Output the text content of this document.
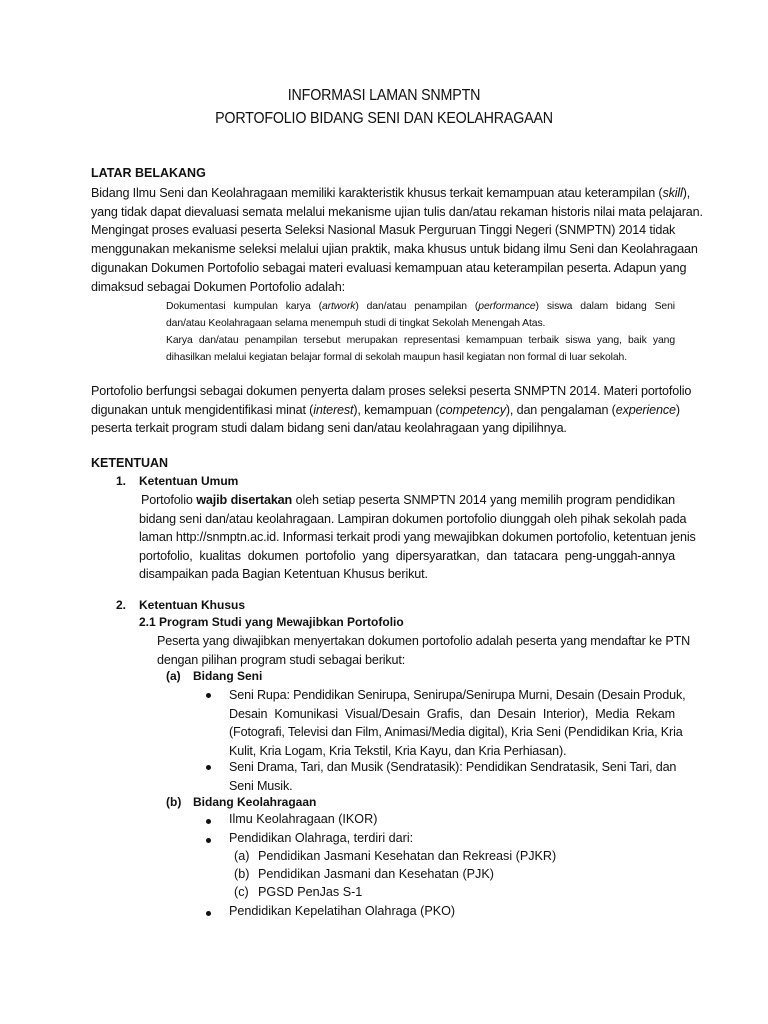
INFORMASI LAMAN SNMPTN
PORTOFOLIO BIDANG SENI DAN KEOLAHRAGAAN
LATAR BELAKANG
Bidang Ilmu Seni dan Keolahragaan memiliki karakteristik khusus terkait kemampuan atau keterampilan (skill),
yang tidak dapat dievaluasi semata melalui mekanisme ujian tulis dan/atau rekaman historis nilai mata pelajaran.
Mengingat proses evaluasi peserta Seleksi Nasional Masuk Perguruan Tinggi Negeri (SNMPTN) 2014 tidak
menggunakan mekanisme seleksi melalui ujian praktik, maka khusus untuk bidang ilmu Seni dan Keolahragaan
digunakan Dokumen Portofolio sebagai materi evaluasi kemampuan atau keterampilan peserta. Adapun yang
dimaksud sebagai Dokumen Portofolio adalah:
Dokumentasi kumpulan karya (artwork) dan/atau penampilan (performance) siswa dalam bidang Seni
dan/atau Keolahragaan selama menempuh studi di tingkat Sekolah Menengah Atas.
Karya dan/atau penampilan tersebut merupakan representasi kemampuan terbaik siswa yang, baik yang
dihasilkan melalui kegiatan belajar formal di sekolah maupun hasil kegiatan non formal di luar sekolah.
Portofolio berfungsi sebagai dokumen penyerta dalam proses seleksi peserta SNMPTN 2014. Materi portofolio
digunakan untuk mengidentifikasi minat (interest), kemampuan (competency), dan pengalaman (experience)
peserta terkait program studi dalam bidang seni dan/atau keolahragaan yang dipilihnya.
KETENTUAN
1. Ketentuan Umum
Portofolio wajib disertakan oleh setiap peserta SNMPTN 2014 yang memilih program pendidikan
bidang seni dan/atau keolahragaan. Lampiran dokumen portofolio diunggah oleh pihak sekolah pada
laman http://snmptn.ac.id. Informasi terkait prodi yang mewajibkan dokumen portofolio, ketentuan jenis
portofolio, kualitas dokumen portofolio yang dipersyaratkan, dan tatacara peng-unggah-annya
disampaikan pada Bagian Ketentuan Khusus berikut.
2. Ketentuan Khusus
2.1 Program Studi yang Mewajibkan Portofolio
Peserta yang diwajibkan menyertakan dokumen portofolio adalah peserta yang mendaftar ke PTN
dengan pilihan program studi sebagai berikut:
(a) Bidang Seni
Seni Rupa: Pendidikan Senirupa, Senirupa/Senirupa Murni, Desain (Desain Produk,
Desain Komunikasi Visual/Desain Grafis, dan Desain Interior), Media Rekam
(Fotografi, Televisi dan Film, Animasi/Media digital), Kria Seni (Pendidikan Kria, Kria
Kulit, Kria Logam, Kria Tekstil, Kria Kayu, dan Kria Perhiasan).
Seni Drama, Tari, dan Musik (Sendratasik): Pendidikan Sendratasik, Seni Tari, dan
Seni Musik.
(b) Bidang Keolahragaan
Ilmu Keolahragaan (IKOR)
Pendidikan Olahraga, terdiri dari:
(a) Pendidikan Jasmani Kesehatan dan Rekreasi (PJKR)
(b) Pendidikan Jasmani dan Kesehatan (PJK)
(c) PGSD PenJas S-1
Pendidikan Kepelatihan Olahraga (PKO)
